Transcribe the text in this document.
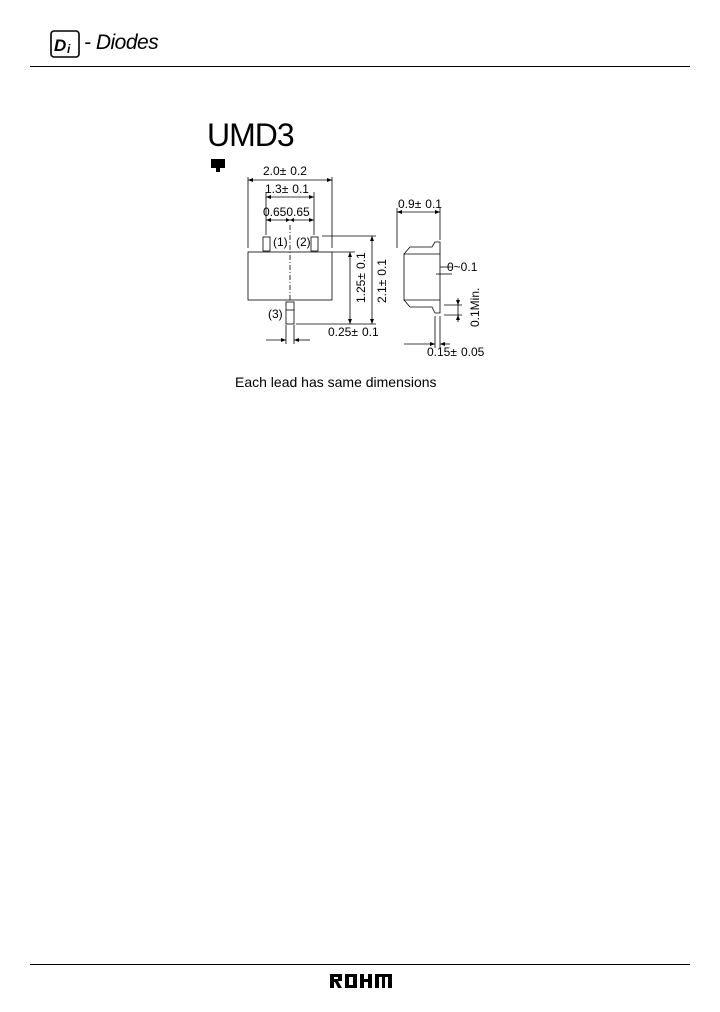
D i - Diodes
UMD3
2.0± 0.2
1.3± 0.1
0.650.65
(1) (2)
(3)
0.25± 0.1
1.25±0.1
2.1±0.1
0.9± 0.1
0~0.1
0.1Min.
0.15± 0.05
Each lead has same dimensions
